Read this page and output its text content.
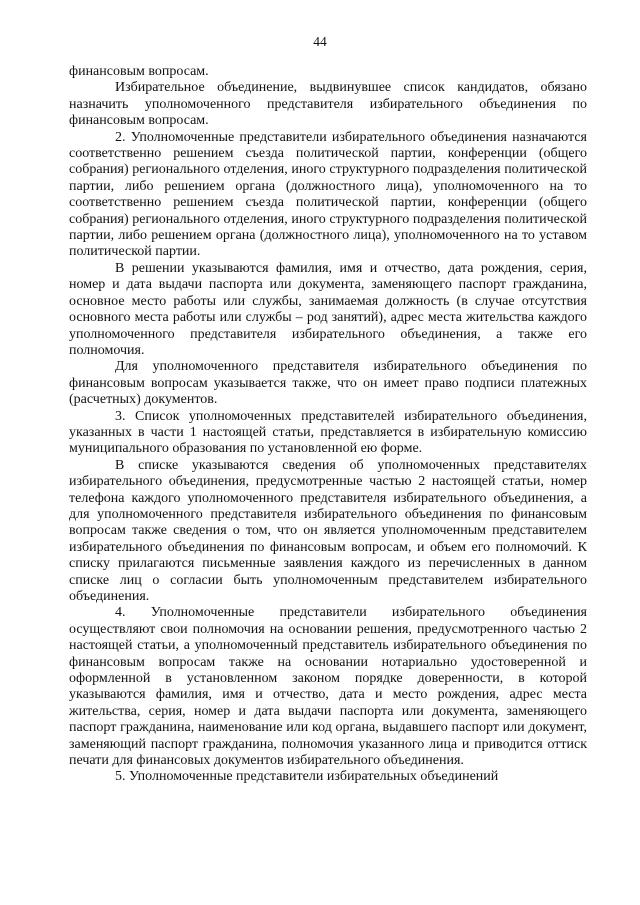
44

финансовым вопросам.

Избирательное объединение, выдвинувшее список кандидатов, обязано назначить уполномоченного представителя избирательного объединения по финансовым вопросам.

2. Уполномоченные представители избирательного объединения назначаются соответственно решением съезда политической партии, конференции (общего собрания) регионального отделения, иного структурного подразделения политической партии, либо решением органа (должностного лица), уполномоченного на то соответственно решением съезда политической партии, конференции (общего собрания) регионального отделения, иного структурного подразделения политической партии, либо решением органа (должностного лица), уполномоченного на то уставом политической партии.

В решении указываются фамилия, имя и отчество, дата рождения, серия, номер и дата выдачи паспорта или документа, заменяющего паспорт гражданина, основное место работы или службы, занимаемая должность (в случае отсутствия основного места работы или службы – род занятий), адрес места жительства каждого уполномоченного представителя избирательного объединения, а также его полномочия.

Для уполномоченного представителя избирательного объединения по финансовым вопросам указывается также, что он имеет право подписи платежных (расчетных) документов.

3. Список уполномоченных представителей избирательного объединения, указанных в части 1 настоящей статьи, представляется в избирательную комиссию муниципального образования по установленной ею форме.

В списке указываются сведения об уполномоченных представителях избирательного объединения, предусмотренные частью 2 настоящей статьи, номер телефона каждого уполномоченного представителя избирательного объединения, а для уполномоченного представителя избирательного объединения по финансовым вопросам также сведения о том, что он является уполномоченным представителем избирательного объединения по финансовым вопросам, и объем его полномочий. К списку прилагаются письменные заявления каждого из перечисленных в данном списке лиц о согласии быть уполномоченным представителем избирательного объединения.

4. Уполномоченные представители избирательного объединения осуществляют свои полномочия на основании решения, предусмотренного частью 2 настоящей статьи, а уполномоченный представитель избирательного объединения по финансовым вопросам также на основании нотариально удостоверенной и оформленной в установленном законом порядке доверенности, в которой указываются фамилия, имя и отчество, дата и место рождения, адрес места жительства, серия, номер и дата выдачи паспорта или документа, заменяющего паспорт гражданина, наименование или код органа, выдавшего паспорт или документ, заменяющий паспорт гражданина, полномочия указанного лица и приводится оттиск печати для финансовых документов избирательного объединения.

5. Уполномоченные представители избирательных объединений
